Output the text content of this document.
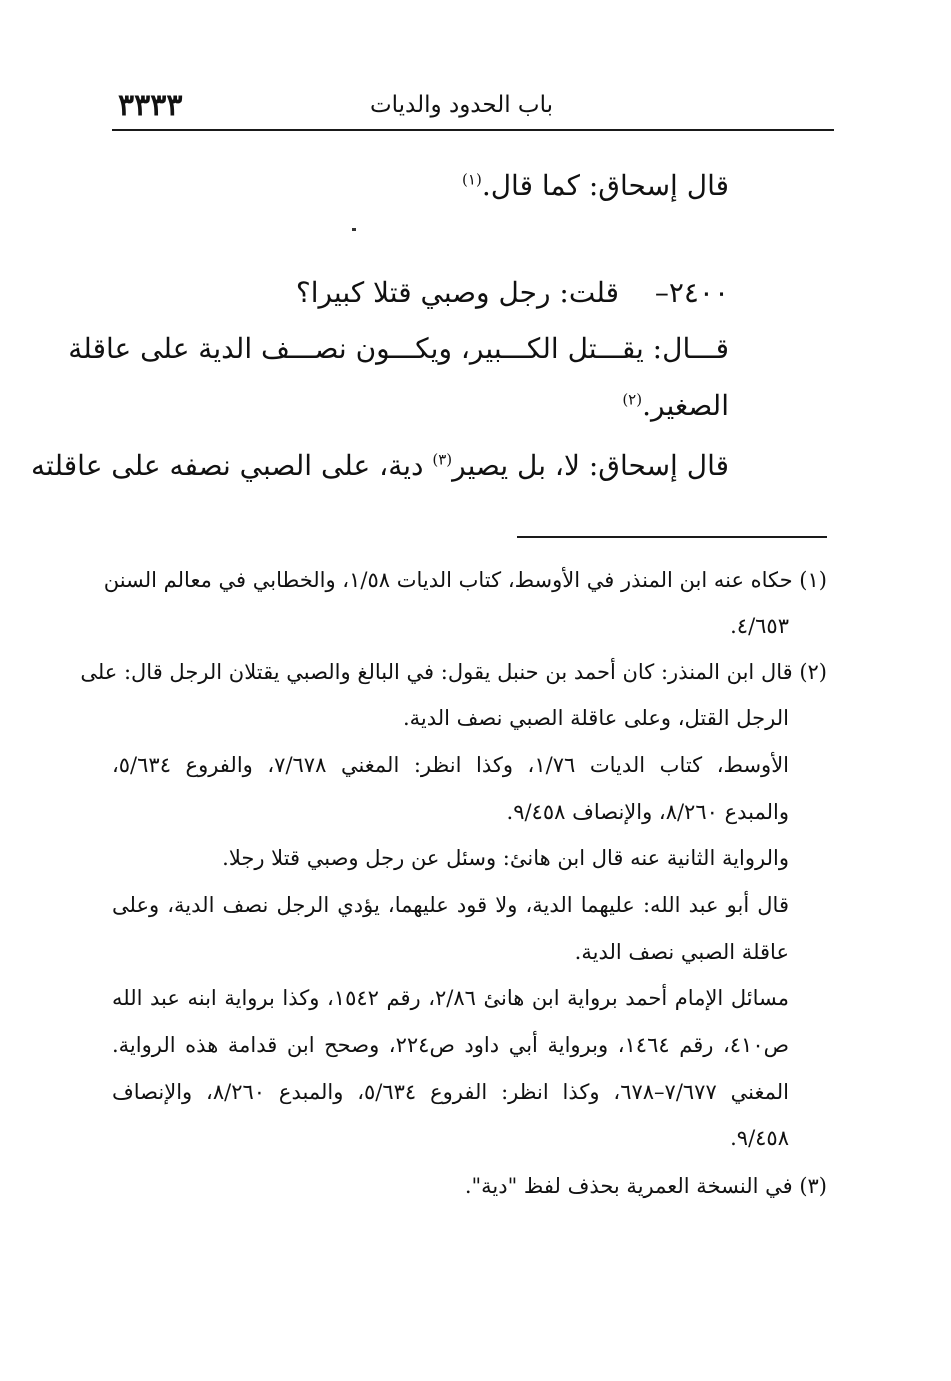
٣٣٣٣	باب الحدود والديات
قال إسحاق: كما قال.$^{(١)}$
٢٤٠٠–
قلت: رجل وصبي قتلا كبيرا؟
قـــال: يقـــتل الكـــبير، ويكـــون نصـــف الدية على عاقلة
الصغير.$^{(٢)}$
قال إسحاق: لا، بل يصير$^{(٣)}$ دية، على الصبي نصفه على عاقلته
(١) حكاه عنه ابن المنذر في الأوسط، كتاب الديات ١/٥٨، والخطابي في معالم السنن
٤/٦٥٣.
(٢) قال ابن المنذر: كان أحمد بن حنبل يقول: في البالغ والصبي يقتلان الرجل قال: على
الرجل القتل، وعلى عاقلة الصبي نصف الدية.
الأوسط، كتاب الديات ١/٧٦، وكذا انظر: المغني ٧/٦٧٨، والفروع ٥/٦٣٤،
والمبدع ٨/٢٦٠، والإنصاف ٩/٤٥٨.
والرواية الثانية عنه قال ابن هانئ: وسئل عن رجل وصبي قتلا رجلا.
قال أبو عبد الله: عليهما الدية، ولا قود عليهما، يؤدي الرجل نصف الدية، وعلى
عاقلة الصبي نصف الدية.
مسائل الإمام أحمد برواية ابن هانئ ٢/٨٦، رقم ١٥٤٢، وكذا برواية ابنه عبد الله
ص٤١٠، رقم ١٤٦٤، وبرواية أبي داود ص٢٢٤، وصحح ابن قدامة هذه الرواية.
المغني ٧/٦٧٧–٦٧٨، وكذا انظر: الفروع ٥/٦٣٤، والمبدع ٨/٢٦٠، والإنصاف
٩/٤٥٨.
(٣) في النسخة العمرية بحذف لفظ "دية".
